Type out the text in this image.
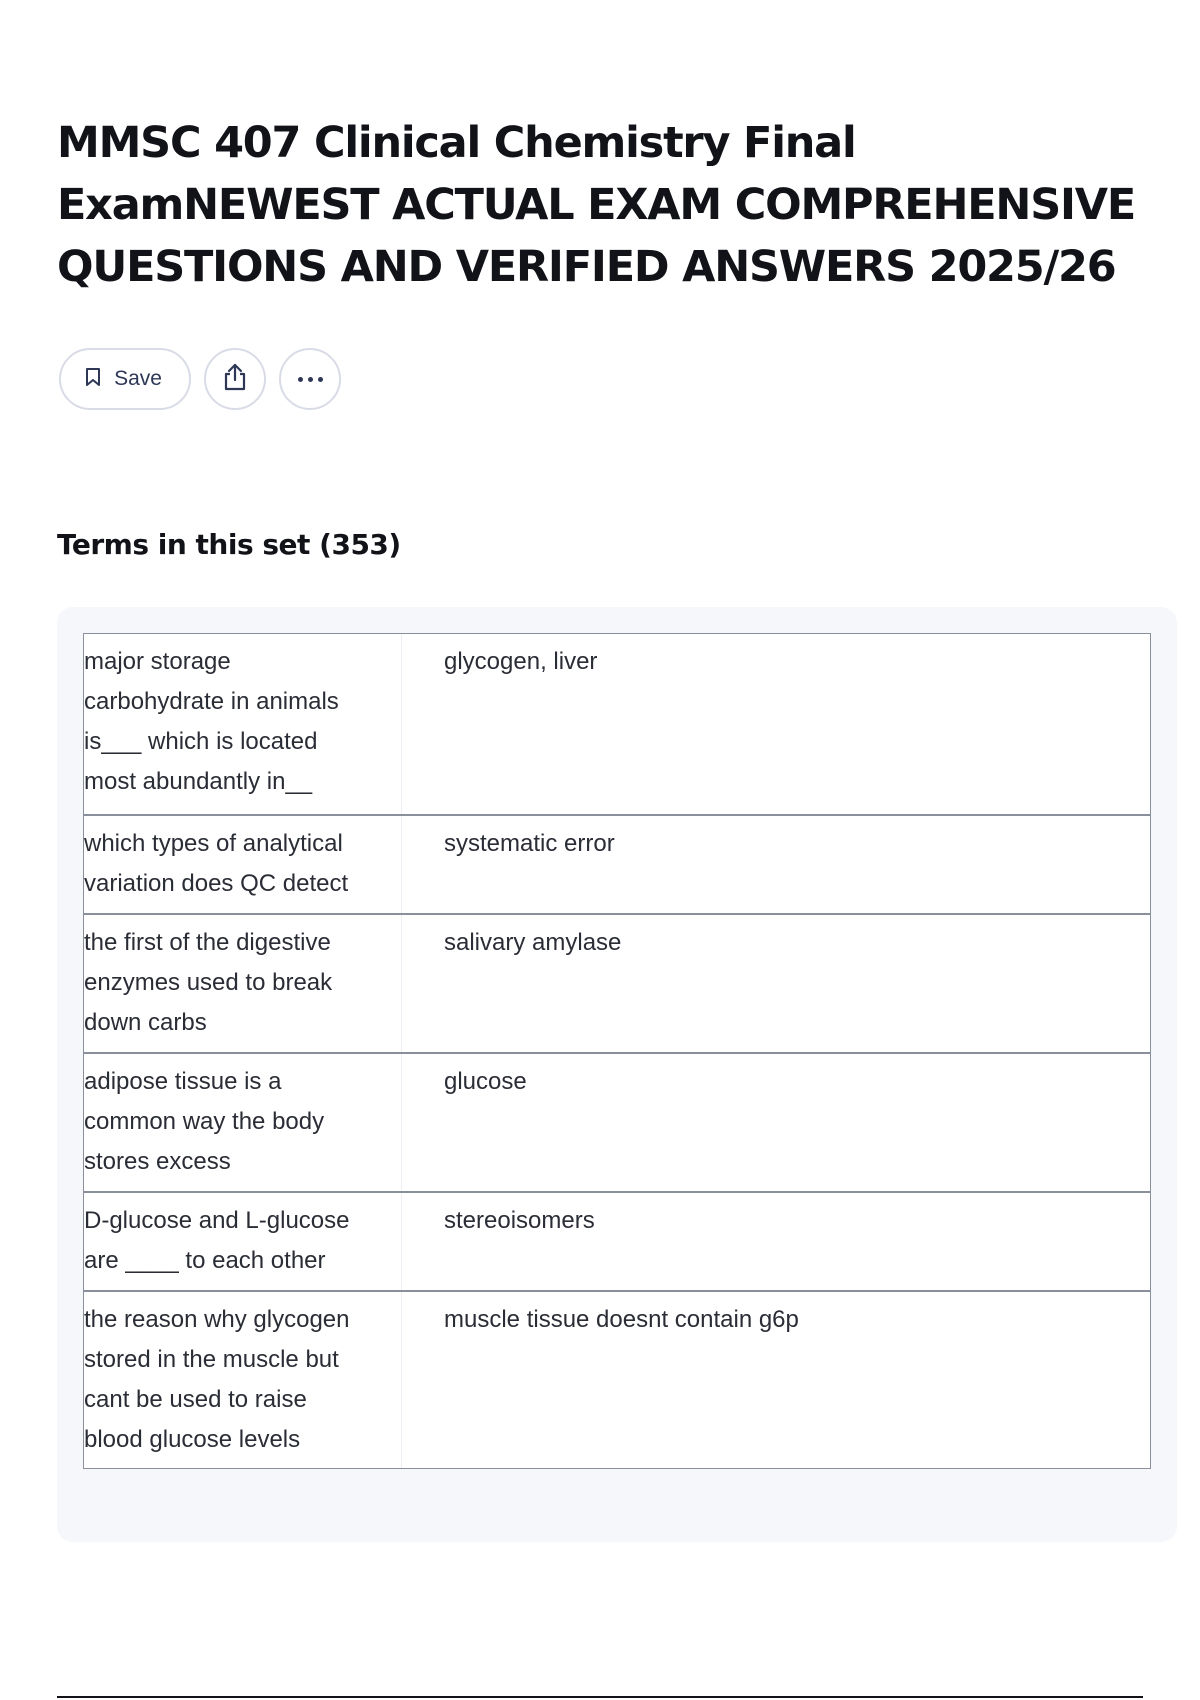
MMSC 407 Clinical Chemistry Final ExamNEWEST ACTUAL EXAM COMPREHENSIVE QUESTIONS AND VERIFIED ANSWERS 2025/26
Save
Terms in this set (353)
major storage
carbohydrate in animals
is___ which is located
most abundantly in__
glycogen, liver
which types of analytical
variation does QC detect
systematic error
the first of the digestive
enzymes used to break
down carbs
salivary amylase
adipose tissue is a
common way the body
stores excess
glucose
D-glucose and L-glucose
are ____ to each other
stereoisomers
the reason why glycogen
stored in the muscle but
cant be used to raise
blood glucose levels
muscle tissue doesnt contain g6p
